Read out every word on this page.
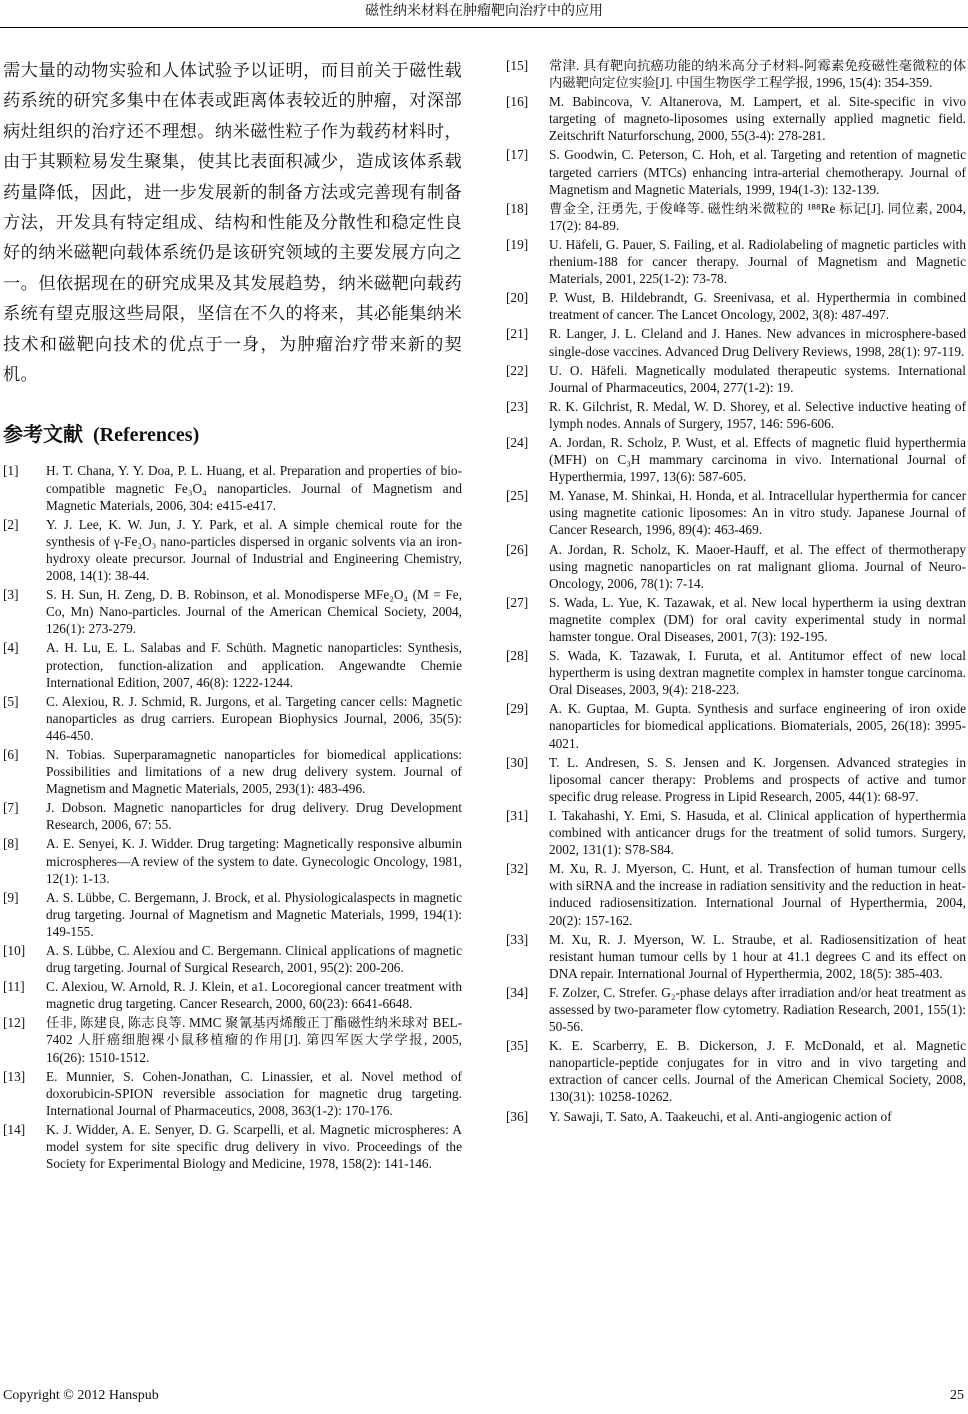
磁性纳米材料在肿瘤靶向治疗中的应用

需大量的动物实验和人体试验予以证明，而目前关于磁性载药系统的研究多集中在体表或距离体表较近的肿瘤，对深部病灶组织的治疗还不理想。纳米磁性粒子作为载药材料时，由于其颗粒易发生聚集，使其比表面积减少，造成该体系载药量降低，因此，进一步发展新的制备方法或完善现有制备方法，开发具有特定组成、结构和性能及分散性和稳定性良好的纳米磁靶向载体系统仍是该研究领域的主要发展方向之一。但依据现在的研究成果及其发展趋势，纳米磁靶向载药系统有望克服这些局限，坚信在不久的将来，其必能集纳米技术和磁靶向技术的优点于一身，为肿瘤治疗带来新的契机。

参考文献 (References)
[1]	H. T. Chana, Y. Y. Doa, P. L. Huang, et al. Preparation and properties of bio-compatible magnetic Fe₃O₄ nanoparticles. Journal of Magnetism and Magnetic Materials, 2006, 304: e415-e417.
[2]	Y. J. Lee, K. W. Jun, J. Y. Park, et al. A simple chemical route for the synthesis of γ-Fe₂O₃ nano-particles dispersed in organic solvents via an iron-hydroxy oleate precursor. Journal of Industrial and Engineering Chemistry, 2008, 14(1): 38-44.
[3]	S. H. Sun, H. Zeng, D. B. Robinson, et al. Monodisperse MFe₂O₄ (M = Fe, Co, Mn) Nano-particles. Journal of the American Chemical Society, 2004, 126(1): 273-279.
[4]	A. H. Lu, E. L. Salabas and F. Schüth. Magnetic nanoparticles: Synthesis, protection, function-alization and application. Angewandte Chemie International Edition, 2007, 46(8): 1222-1244.
[5]	C. Alexiou, R. J. Schmid, R. Jurgons, et al. Targeting cancer cells: Magnetic nanoparticles as drug carriers. European Biophysics Journal, 2006, 35(5): 446-450.
[6]	N. Tobias. Superparamagnetic nanoparticles for biomedical applications: Possibilities and limitations of a new drug delivery system. Journal of Magnetism and Magnetic Materials, 2005, 293(1): 483-496.
[7]	J. Dobson. Magnetic nanoparticles for drug delivery. Drug Development Research, 2006, 67: 55.
[8]	A. E. Senyei, K. J. Widder. Drug targeting: Magnetically responsive albumin microspheres—A review of the system to date. Gynecologic Oncology, 1981, 12(1): 1-13.
[9]	A. S. Lübbe, C. Bergemann, J. Brock, et al. Physiologicalaspects in magnetic drug targeting. Journal of Magnetism and Magnetic Materials, 1999, 194(1): 149-155.
[10]	A. S. Lübbe, C. Alexiou and C. Bergemann. Clinical applications of magnetic drug targeting. Journal of Surgical Research, 2001, 95(2): 200-206.
[11]	C. Alexiou, W. Arnold, R. J. Klein, et a1. Locoregional cancer treatment with magnetic drug targeting. Cancer Research, 2000, 60(23): 6641-6648.
[12]	任非, 陈建良, 陈志良等. MMC 聚氰基丙烯酸正丁酯磁性纳米球对 BEL-7402 人肝癌细胞裸小鼠移植瘤的作用[J]. 第四军医大学学报, 2005, 16(26): 1510-1512.
[13]	E. Munnier, S. Cohen-Jonathan, C. Linassier, et al. Novel method of doxorubicin-SPION reversible association for magnetic drug targeting. International Journal of Pharmaceutics, 2008, 363(1-2): 170-176.
[14]	K. J. Widder, A. E. Senyer, D. G. Scarpelli, et al. Magnetic microspheres: A model system for site specific drug delivery in vivo. Proceedings of the Society for Experimental Biology and Medicine, 1978, 158(2): 141-146.
[15]	常津. 具有靶向抗癌功能的纳米高分子材料-阿霉素免疫磁性毫微粒的体内磁靶向定位实验[J]. 中国生物医学工程学报, 1996, 15(4): 354-359.
[16]	M. Babincova, V. Altanerova, M. Lampert, et al. Site-specific in vivo targeting of magneto-liposomes using externally applied magnetic field. Zeitschrift Naturforschung, 2000, 55(3-4): 278-281.
[17]	S. Goodwin, C. Peterson, C. Hoh, et al. Targeting and retention of magnetic targeted carriers (MTCs) enhancing intra-arterial chemotherapy. Journal of Magnetism and Magnetic Materials, 1999, 194(1-3): 132-139.
[18]	曹金全, 汪勇先, 于俊峰等. 磁性纳米微粒的 ¹⁸⁸Re 标记[J]. 同位素, 2004, 17(2): 84-89.
[19]	U. Häfeli, G. Pauer, S. Failing, et al. Radiolabeling of magnetic particles with rhenium-188 for cancer therapy. Journal of Magnetism and Magnetic Materials, 2001, 225(1-2): 73-78.
[20]	P. Wust, B. Hildebrandt, G. Sreenivasa, et al. Hyperthermia in combined treatment of cancer. The Lancet Oncology, 2002, 3(8): 487-497.
[21]	R. Langer, J. L. Cleland and J. Hanes. New advances in microsphere-based single-dose vaccines. Advanced Drug Delivery Reviews, 1998, 28(1): 97-119.
[22]	U. O. Häfeli. Magnetically modulated therapeutic systems. International Journal of Pharmaceutics, 2004, 277(1-2): 19.
[23]	R. K. Gilchrist, R. Medal, W. D. Shorey, et al. Selective inductive heating of lymph nodes. Annals of Surgery, 1957, 146: 596-606.
[24]	A. Jordan, R. Scholz, P. Wust, et al. Effects of magnetic fluid hyperthermia (MFH) on C₃H mammary carcinoma in vivo. International Journal of Hyperthermia, 1997, 13(6): 587-605.
[25]	M. Yanase, M. Shinkai, H. Honda, et al. Intracellular hyperthermia for cancer using magnetite cationic liposomes: An in vitro study. Japanese Journal of Cancer Research, 1996, 89(4): 463-469.
[26]	A. Jordan, R. Scholz, K. Maoer-Hauff, et al. The effect of thermotherapy using magnetic nanoparticles on rat malignant glioma. Journal of Neuro-Oncology, 2006, 78(1): 7-14.
[27]	S. Wada, L. Yue, K. Tazawak, et al. New local hypertherm ia using dextran magnetite complex (DM) for oral cavity experimental study in normal hamster tongue. Oral Diseases, 2001, 7(3): 192-195.
[28]	S. Wada, K. Tazawak, I. Furuta, et al. Antitumor effect of new local hypertherm is using dextran magnetite complex in hamster tongue carcinoma. Oral Diseases, 2003, 9(4): 218-223.
[29]	A. K. Guptaa, M. Gupta. Synthesis and surface engineering of iron oxide nanoparticles for biomedical applications. Biomaterials, 2005, 26(18): 3995-4021.
[30]	T. L. Andresen, S. S. Jensen and K. Jorgensen. Advanced strategies in liposomal cancer therapy: Problems and prospects of active and tumor specific drug release. Progress in Lipid Research, 2005, 44(1): 68-97.
[31]	I. Takahashi, Y. Emi, S. Hasuda, et al. Clinical application of hyperthermia combined with anticancer drugs for the treatment of solid tumors. Surgery, 2002, 131(1): S78-S84.
[32]	M. Xu, R. J. Myerson, C. Hunt, et al. Transfection of human tumour cells with siRNA and the increase in radiation sensitivity and the reduction in heat-induced radiosensitization. International Journal of Hyperthermia, 2004, 20(2): 157-162.
[33]	M. Xu, R. J. Myerson, W. L. Straube, et al. Radiosensitization of heat resistant human tumour cells by 1 hour at 41.1 degrees C and its effect on DNA repair. International Journal of Hyperthermia, 2002, 18(5): 385-403.
[34]	F. Zolzer, C. Strefer. G₂-phase delays after irradiation and/or heat treatment as assessed by two-parameter flow cytometry. Radiation Research, 2001, 155(1): 50-56.
[35]	K. E. Scarberry, E. B. Dickerson, J. F. McDonald, et al. Magnetic nanoparticle-peptide conjugates for in vitro and in vivo targeting and extraction of cancer cells. Journal of the American Chemical Society, 2008, 130(31): 10258-10262.
[36]	Y. Sawaji, T. Sato, A. Taakeuchi, et al. Anti-angiogenic action of
Copyright © 2012 Hanspub	25
